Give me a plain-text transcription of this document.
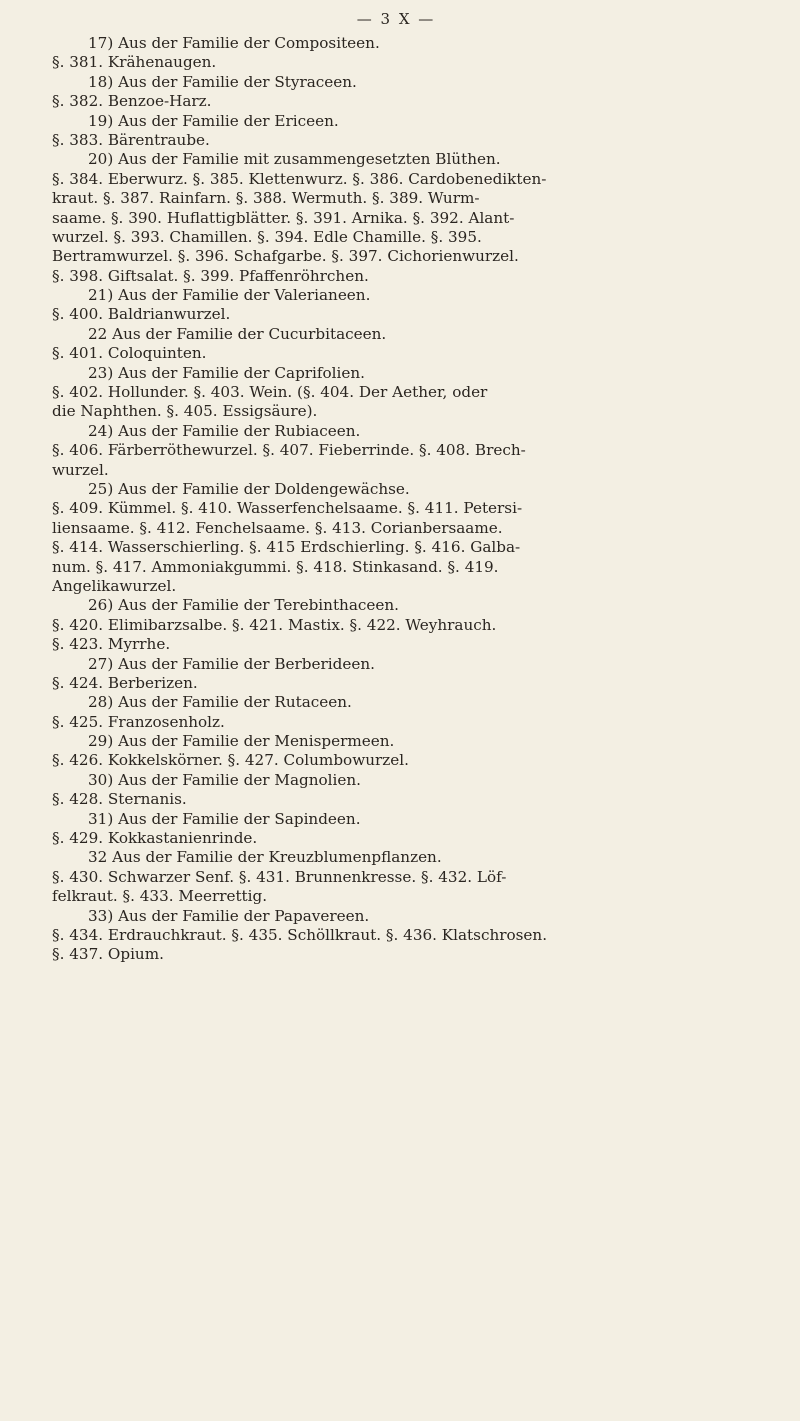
— 3 X —
17) Aus der Familie der Compositeen.
§. 381. Krähenaugen.
18) Aus der Familie der Styraceen.
§. 382. Benzoe-Harz.
19) Aus der Familie der Ericeen.
§. 383. Bärentraube.
20) Aus der Familie mit zusammengesetzten Blüthen.
§. 384. Eberwurz. §. 385. Klettenwurz. §. 386. Cardobenedikten-
kraut. §. 387. Rainfarn. §. 388. Wermuth. §. 389. Wurm-
saame. §. 390. Huflattigblätter. §. 391. Arnika. §. 392. Alant-
wurzel. §. 393. Chamillen. §. 394. Edle Chamille. §. 395.
Bertramwurzel. §. 396. Schafgarbe. §. 397. Cichorienwurzel.
§. 398. Giftsalat. §. 399. Pfaffenröhrchen.
21) Aus der Familie der Valerianeen.
§. 400. Baldrianwurzel.
22 Aus der Familie der Cucurbitaceen.
§. 401. Coloquinten.
23) Aus der Familie der Caprifolien.
§. 402. Hollunder. §. 403. Wein. (§. 404. Der Aether, oder
die Naphthen. §. 405. Essigsäure).
24) Aus der Familie der Rubiaceen.
§. 406. Färberröthewurzel. §. 407. Fieberrinde. §. 408. Brech-
wurzel.
25) Aus der Familie der Doldengewächse.
§. 409. Kümmel. §. 410. Wasserfenchelsaame. §. 411. Petersi-
liensaame. §. 412. Fenchelsaame. §. 413. Corianbersaame.
§. 414. Wasserschierling. §. 415 Erdschierling. §. 416. Galba-
num. §. 417. Ammoniakgummi. §. 418. Stinkasand. §. 419.
Angelikawurzel.
26) Aus der Familie der Terebinthaceen.
§. 420. Elimibarzsalbe. §. 421. Mastix. §. 422. Weyhrauch.
§. 423. Myrrhe.
27) Aus der Familie der Berberideen.
§. 424. Berberizen.
28) Aus der Familie der Rutaceen.
§. 425. Franzosenholz.
29) Aus der Familie der Menispermeen.
§. 426. Kokkelskörner. §. 427. Columbowurzel.
30) Aus der Familie der Magnolien.
§. 428. Sternanis.
31) Aus der Familie der Sapindeen.
§. 429. Kokkastanienrinde.
32 Aus der Familie der Kreuzblumenpflanzen.
§. 430. Schwarzer Senf. §. 431. Brunnenkresse. §. 432. Löf-
felkraut. §. 433. Meerrettig.
33) Aus der Familie der Papavereen.
§. 434. Erdrauchkraut. §. 435. Schöllkraut. §. 436. Klatschrosen.
§. 437. Opium.
